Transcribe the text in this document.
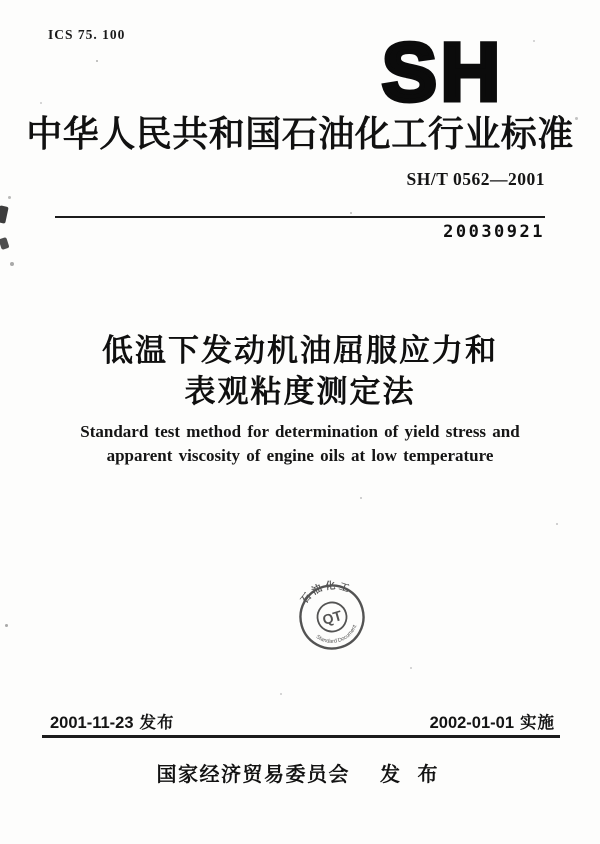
ICS 75. 100	SH
中华人民共和国石油化工行业标准
SH/T 0562—2001
20030921
低温下发动机油屈服应力和
表观粘度测定法
Standard test method for determination of yield stress and
apparent viscosity of engine oils at low temperature
QT
石 油 化 工
Standard Document
2001-11-23 发布	2002-01-01 实施
国家经济贸易委员会 发 布
